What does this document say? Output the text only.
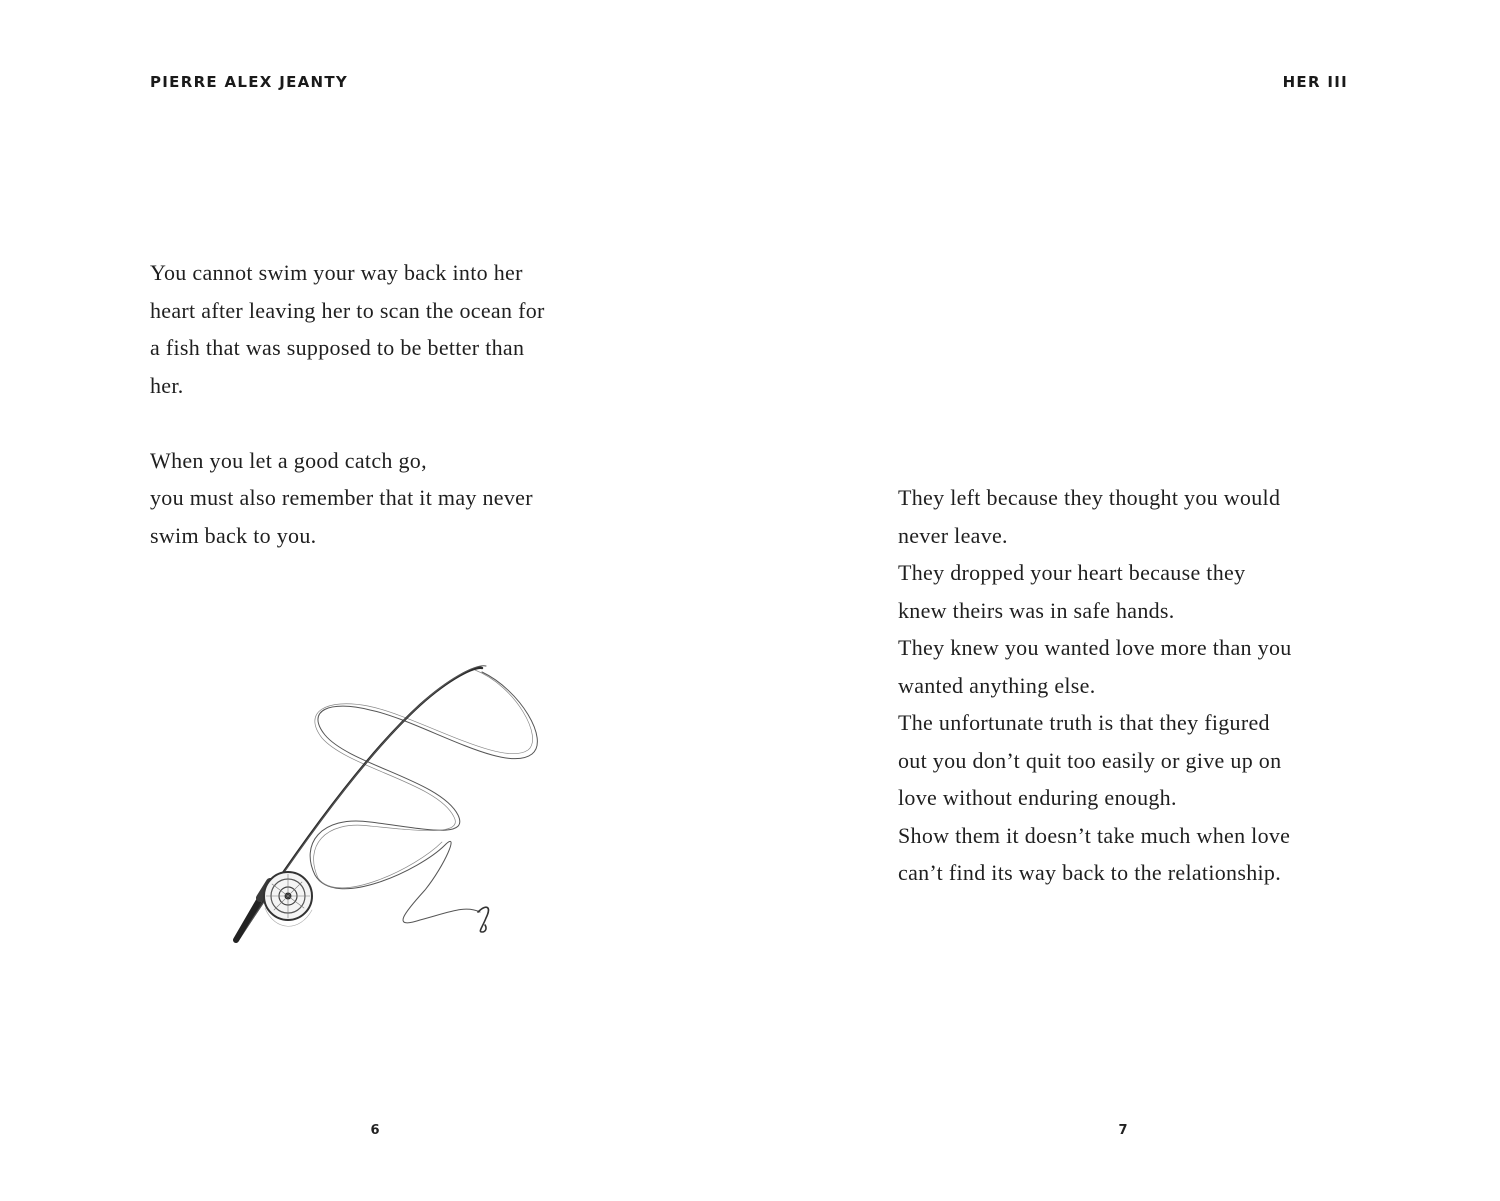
PIERRE ALEX JEANTY
You cannot swim your way back into her
heart after leaving her to scan the ocean for
a fish that was supposed to be better than
her.
When you let a good catch go,
you must also remember that it may never
swim back to you.
6
HER III
They left because they thought you would
never leave.
They dropped your heart because they
knew theirs was in safe hands.
They knew you wanted love more than you
wanted anything else.
The unfortunate truth is that they figured
out you don’t quit too easily or give up on
love without enduring enough.
Show them it doesn’t take much when love
can’t find its way back to the relationship.
7
